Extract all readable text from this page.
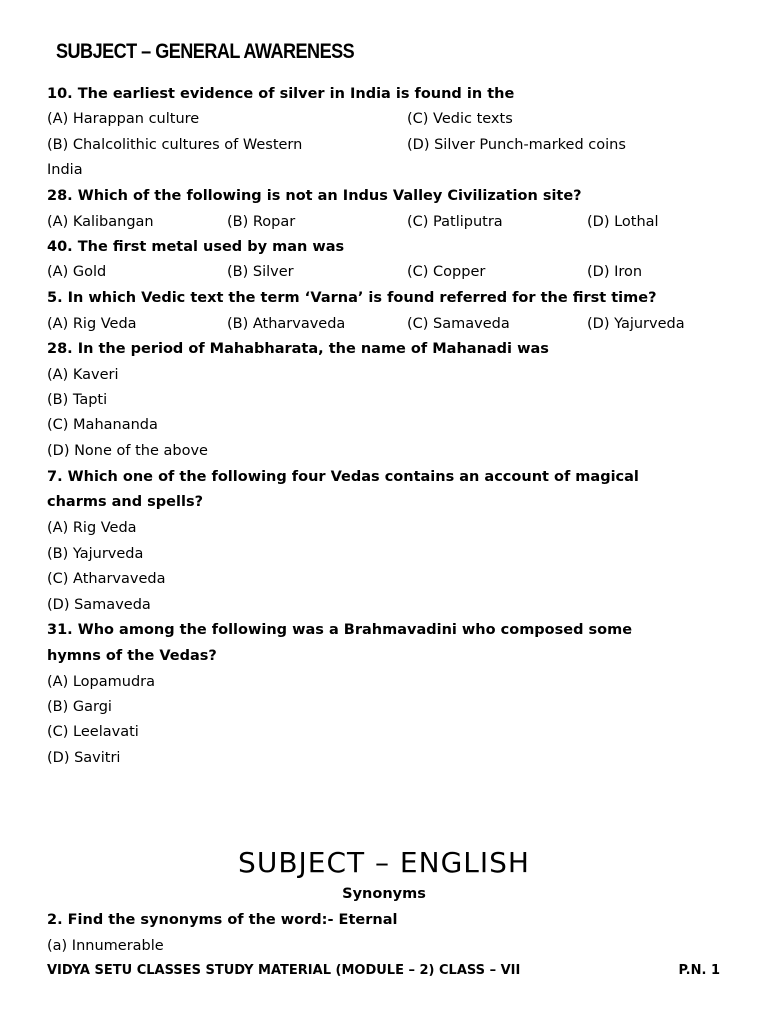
SUBJECT – GENERAL AWARENESS
10. The earliest evidence of silver in India is found in the
(A) Harappan culture	(C) Vedic texts
(B) Chalcolithic cultures of Western	(D) Silver Punch-marked coins
India
28. Which of the following is not an Indus Valley Civilization site?
(A) Kalibangan	(B) Ropar	(C) Patliputra	(D) Lothal
40. The first metal used by man was
(A) Gold	(B) Silver	(C) Copper	(D) Iron
5. In which Vedic text the term ‘Varna’ is found referred for the first time?
(A) Rig Veda	(B) Atharvaveda	(C) Samaveda	(D) Yajurveda
28. In the period of Mahabharata, the name of Mahanadi was
(A) Kaveri
(B) Tapti
(C) Mahananda
(D) None of the above
7. Which one of the following four Vedas contains an account of magical
charms and spells?
(A) Rig Veda
(B) Yajurveda
(C) Atharvaveda
(D) Samaveda
31. Who among the following was a Brahmavadini who composed some
hymns of the Vedas?
(A) Lopamudra
(B) Gargi
(C) Leelavati
(D) Savitri
SUBJECT – ENGLISH
Synonyms
2. Find the synonyms of the word:- Eternal
(a) Innumerable
VIDYA SETU CLASSES STUDY MATERIAL (MODULE – 2) CLASS – VII	P.N. 1
